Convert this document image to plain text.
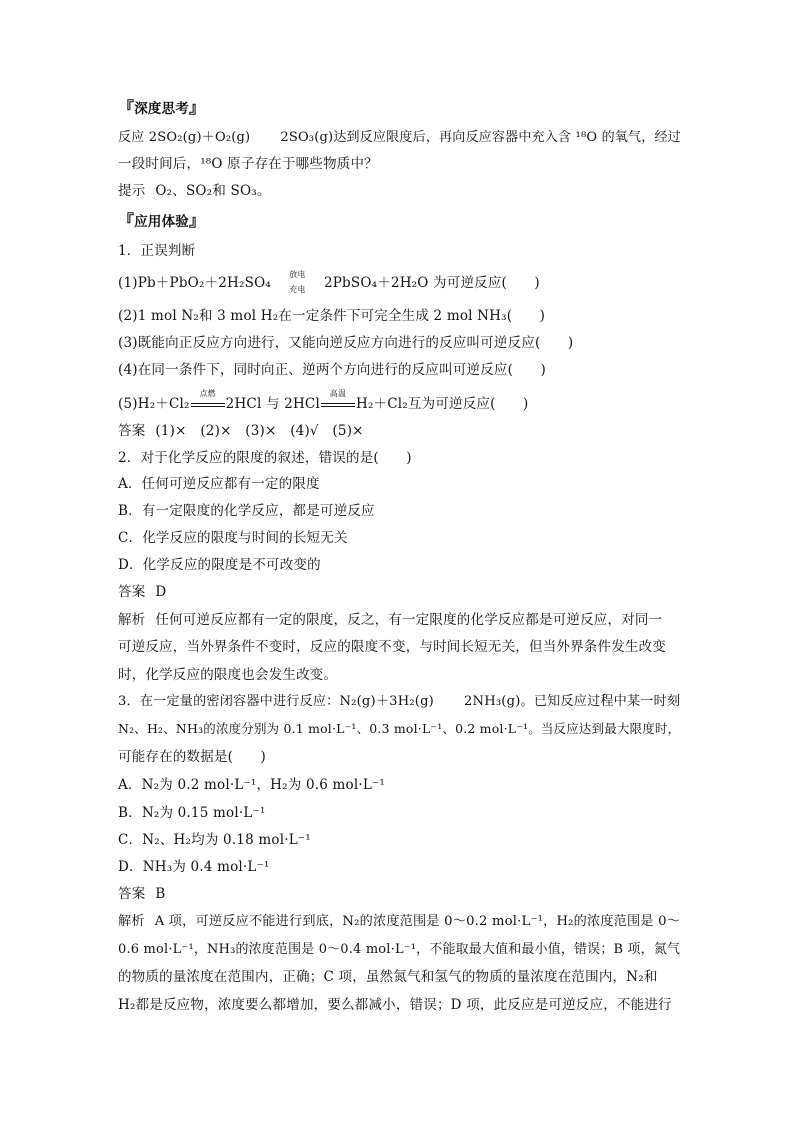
『深度思考』
反应 2SO₂(g)＋O₂(g) 2SO₃(g)达到反应限度后，再向反应容器中充入含 ¹⁸O 的氧气，经过
一段时间后，¹⁸O 原子存在于哪些物质中？
提示 O₂、SO₂和 SO₃。
『应用体验』
1．正误判断
(1)Pb＋PbO₂＋2H₂SO₄
放电
充电	2PbSO₄＋2H₂O 为可逆反应(　　)
(2)1 mol N₂和 3 mol H₂在一定条件下可完全生成 2 mol NH₃(　　)
(3)既能向正反应方向进行，又能向逆反应方向进行的反应叫可逆反应(　　)
(4)在同一条件下，同时向正、逆两个方向进行的反应叫可逆反应(　　)
(5)H₂＋Cl₂
点燃
2HCl 与 2HCl
高温
H₂＋Cl₂互为可逆反应(　　)
答案 (1)×　(2)×　(3)×　(4)√　(5)×
2．对于化学反应的限度的叙述，错误的是(　　)
A．任何可逆反应都有一定的限度
B．有一定限度的化学反应，都是可逆反应
C．化学反应的限度与时间的长短无关
D．化学反应的限度是不可改变的
答案 D
解析 任何可逆反应都有一定的限度，反之，有一定限度的化学反应都是可逆反应，对同一
可逆反应，当外界条件不变时，反应的限度不变，与时间长短无关，但当外界条件发生改变
时，化学反应的限度也会发生改变。
3．在一定量的密闭容器中进行反应：N₂(g)＋3H₂(g) 2NH₃(g)。已知反应过程中某一时刻
N₂、H₂、NH₃的浓度分别为 0.1 mol·L⁻¹、0.3 mol·L⁻¹、0.2 mol·L⁻¹。当反应达到最大限度时，
可能存在的数据是(　　)
A．N₂为 0.2 mol·L⁻¹，H₂为 0.6 mol·L⁻¹
B．N₂为 0.15 mol·L⁻¹
C．N₂、H₂均为 0.18 mol·L⁻¹
D．NH₃为 0.4 mol·L⁻¹
答案 B
解析 A 项，可逆反应不能进行到底，N₂的浓度范围是 0～0.2 mol·L⁻¹，H₂的浓度范围是 0～
0.6 mol·L⁻¹，NH₃的浓度范围是 0～0.4 mol·L⁻¹，不能取最大值和最小值，错误；B 项，氮气
的物质的量浓度在范围内，正确；C 项，虽然氮气和氢气的物质的量浓度在范围内，N₂和
H₂都是反应物，浓度要么都增加，要么都减小，错误；D 项，此反应是可逆反应，不能进行
